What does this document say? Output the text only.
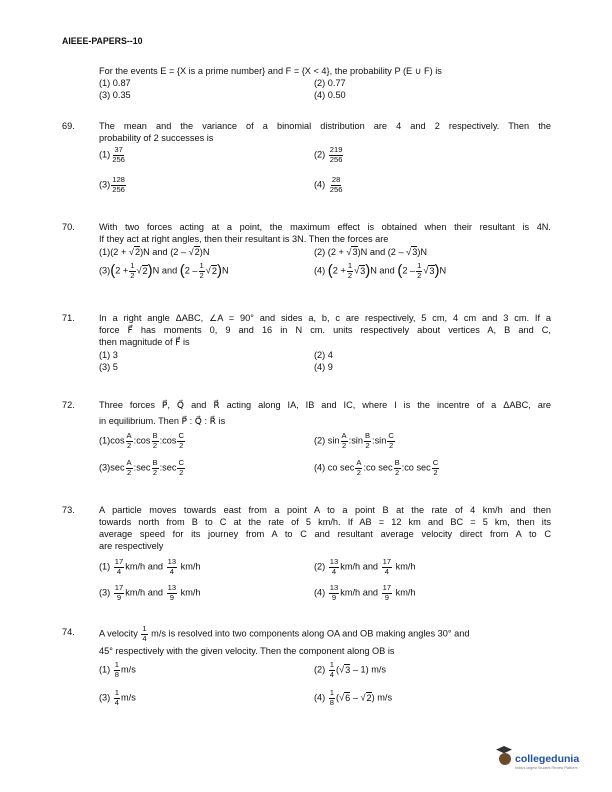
AIEEE-PAPERS--10
For the events E = {X is a prime number} and F = {X < 4}, the probability P (E ∪ F) is
(1) 0.87	(2) 0.77
(3) 0.35	(4) 0.50
69.	The mean and the variance of a binomial distribution are 4 and 2 respectively. Then the
probability of 2 successes is
$(1) \frac{37}{256}$	$(2) \frac{219}{256}$
$(3) \frac{128}{256}$	$(4) \frac{28}{256}$
70.	With two forces acting at a point, the maximum effect is obtained when their resultant is 4N.
If they act at right angles, then their resultant is 3N. Then the forces are
(1)(2 + √2)N and (2 – √2)N	(2) (2 + √3)N and (2 – √3)N
$(3)(2 + \frac{1}{2} √2)N$ and $(2 - \frac{1}{2} √2)N$	(4) $(2 + \frac{1}{2} √3)N$ and $(2 - \frac{1}{2} √3)N$
71.	In a right angle ΔABC, ∠A = 90° and sides a, b, c are respectively, 5 cm, 4 cm and 3 cm. If a
force F⃗ has moments 0, 9 and 16 in N cm. units respectively about vertices A, B and C,
then magnitude of F⃗ is
(1) 3	(2) 4
(3) 5	(4) 9
72.	Three forces P⃗, Q⃗ and R⃗ acting along IA, IB and IC, where I is the incentre of a ΔABC, are
in equilibrium. Then P⃗ : Q⃗ : R⃗ is
$(1)\cos \frac{A}{2}$ :cos $\frac{B}{2}$ :cos $\frac{C}{2}$	(2) $\sin \frac{A}{2}$ :sin $\frac{B}{2}$ :sin $\frac{C}{2}$
$(3)\sec \frac{A}{2}$ :sec $\frac{B}{2}$ :sec $\frac{C}{2}$	(4) co $\sec \frac{A}{2}$ :co $\sec \frac{B}{2}$ :co $\sec \frac{C}{2}$
73.	A particle moves towards east from a point A to a point B at the rate of 4 km/h and then
towards north from B to C at the rate of 5 km/h. If AB = 12 km and BC = 5 km, then its
average speed for its journey from A to C and resultant average velocity direct from A to C
are respectively
$(1) \frac{17}{4} km/h$ and $\frac{13}{4} km/h$	$(2) \frac{13}{4} km/h$ and $\frac{17}{4} km/h$
$(3) \frac{17}{9} km/h$ and $\frac{13}{9} km/h$	$(4) \frac{13}{9} km/h$ and $\frac{17}{9} km/h$
74.	A velocity $\frac{1}{4} m/s$ is resolved into two components along OA and OB making angles 30° and
45° respectively with the given velocity. Then the component along OB is
$(1) \frac{1}{8} m/s$	$(2) \frac{1}{4} (√3 - 1)$ m/s
$(3) \frac{1}{4} m/s$	$(4) \frac{1}{8} (√6 - √2)$ m/s
collegedunia
India's largest Student Review Platform
